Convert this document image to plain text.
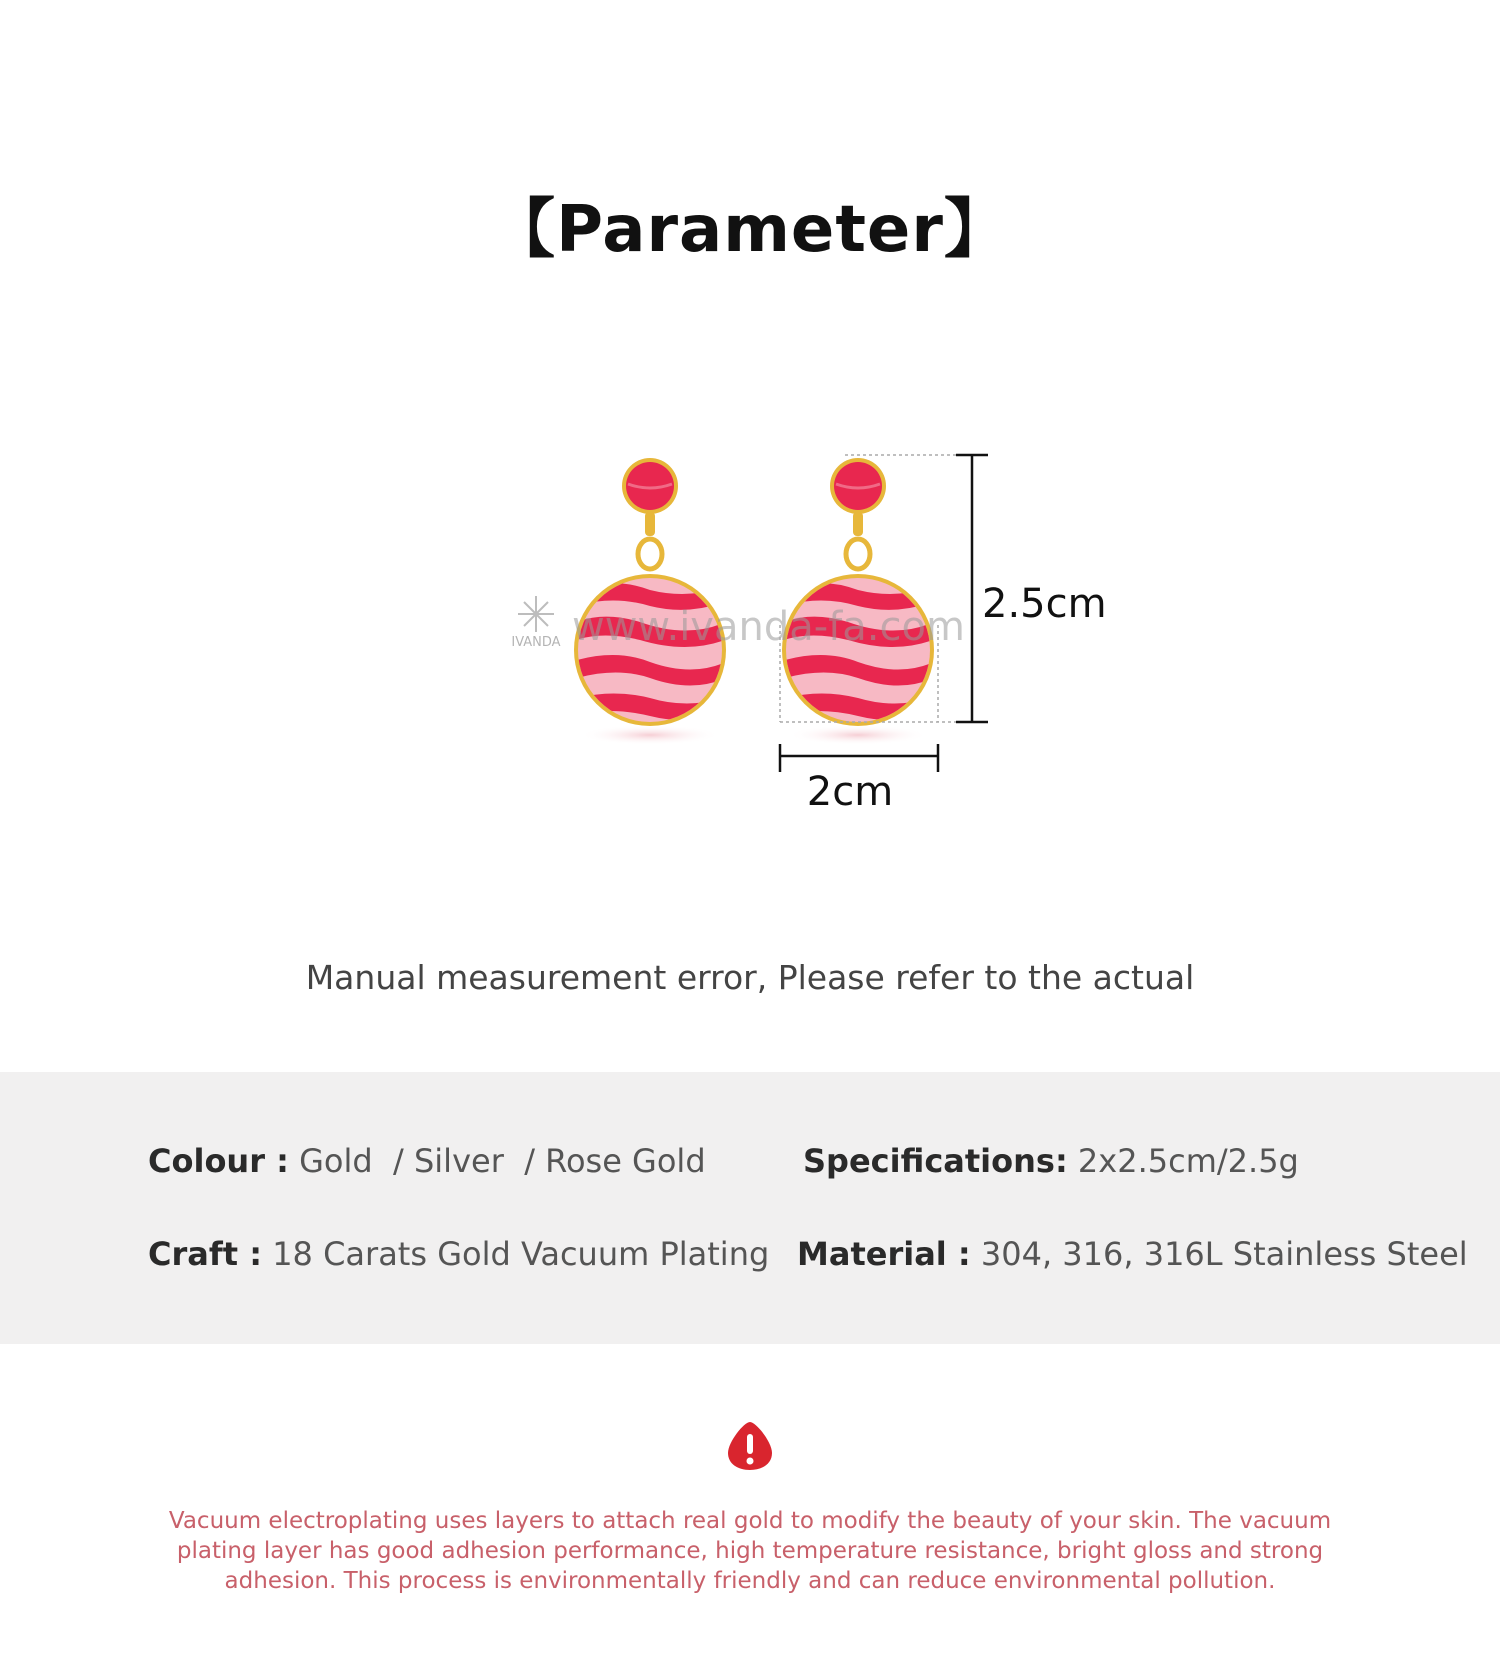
【Parameter】
IVANDA www.ivanda-fa.com 2.5cm
2cm
Manual measurement error, Please refer to the actual
Colour : Gold  / Silver  / Rose Gold	Specifications: 2x2.5cm/2.5g
Craft : 18 Carats Gold Vacuum Plating Material : 304, 316, 316L Stainless Steel
Vacuum electroplating uses layers to attach real gold to modify the beauty of your skin. The vacuum plating layer has good adhesion performance, high temperature resistance, bright gloss and strong adhesion. This process is environmentally friendly and can reduce environmental pollution.
